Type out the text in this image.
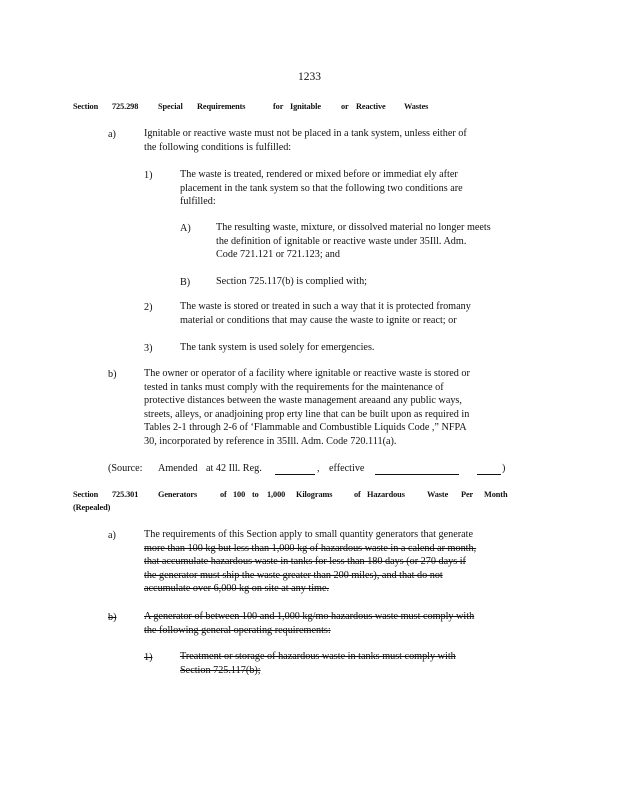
1233
Section 725.298 Special Requirements	for Ignitable or Reactive Wastes
a)	Ignitable or reactive waste must not be placed in a tank system, unless either of
the following conditions is fulfilled:
1)	The waste is treated, rendered or mixed before or immediat ely after
placement in the tank system so that the following two conditions are
fulfilled:
A) The resulting waste, mixture, or dissolved material no longer meets
the definition of ignitable or reactive waste under 35Ill. Adm.
Code 721.121 or 721.123; and
B)	Section 725.117(b) is complied with;
2)	The waste is stored or treated in such a way that it is protected fromany
material or conditions that may cause the waste to ignite or react; or
3)	The tank system is used solely for emergencies.
b)	The owner or operator of a facility where ignitable or reactive waste is stored or
tested in tanks must comply with the requirements for the maintenance of
protective distances between the waste management areaand any public ways,
streets, alleys, or anadjoining prop erty line that can be built upon as required in
Tables 2-1 through 2-6 of ‘Flammable and Combustible Liquids Code ,” NFPA
30, incorporated by reference in 35Ill. Adm. Code 720.111(a).
(Source: Amended at 42 Ill. Reg.	, effective	)
Section 725.301 Generators	of 100 to 1,000 Kilograms	of Hazardous	Waste Per Month
(Repealed)
a)	The requirements of this Section apply to small quantity generators that generate
more than 100 kg but less than 1,000 kg of hazardous waste in a calend ar month,
that accumulate hazardous waste in tanks for less than 180 days (or 270 days if
the generator must ship the waste greater than 200 miles), and that do not
accumulate over 6,000 kg on site at any time.
b)	A generator of between 100 and 1,000 kg/mo hazardous waste must comply with
the following general operating requirements:
1)	Treatment or storage of hazardous waste in tanks must comply with
Section 725.117(b);
